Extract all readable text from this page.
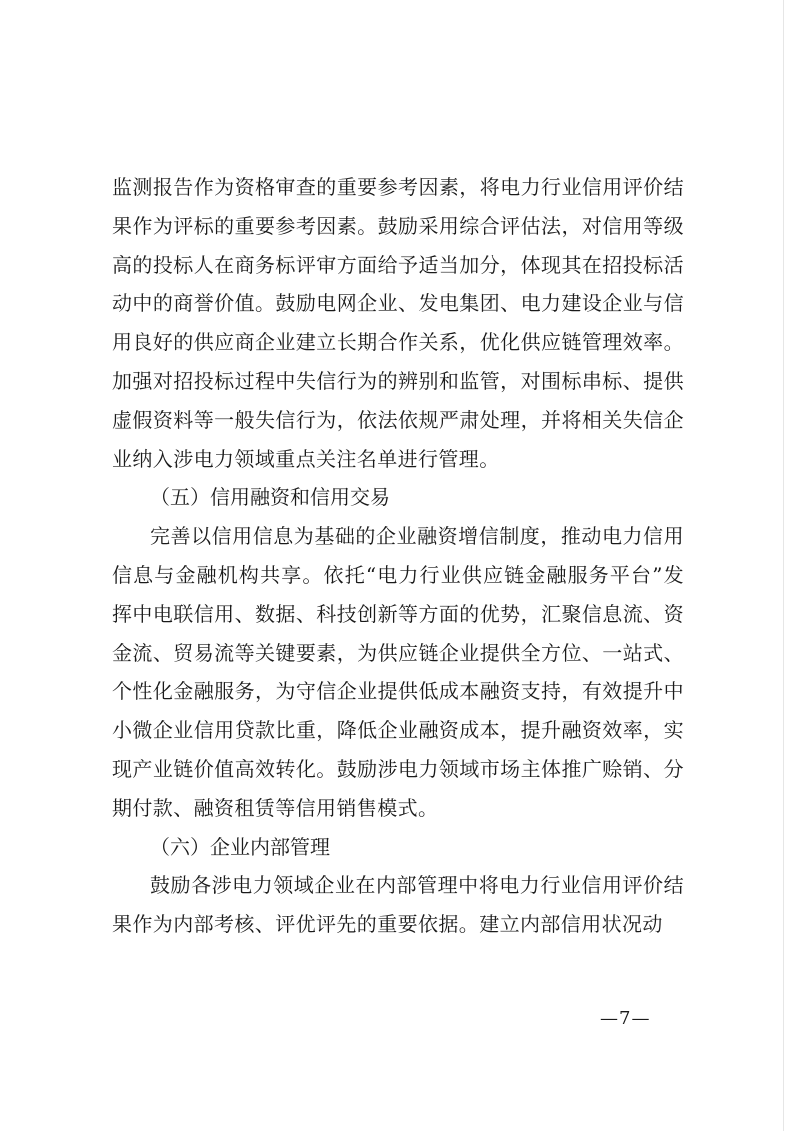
监测报告作为资格审查的重要参考因素，将电力行业信用评价结果作为评标的重要参考因素。鼓励采用综合评估法，对信用等级高的投标人在商务标评审方面给予适当加分，体现其在招投标活动中的商誉价值。鼓励电网企业、发电集团、电力建设企业与信用良好的供应商企业建立长期合作关系，优化供应链管理效率。加强对招投标过程中失信行为的辨别和监管，对围标串标、提供虚假资料等一般失信行为，依法依规严肃处理，并将相关失信企业纳入涉电力领域重点关注名单进行管理。

（五）信用融资和信用交易

完善以信用信息为基础的企业融资增信制度，推动电力信用信息与金融机构共享。依托“电力行业供应链金融服务平台”发挥中电联信用、数据、科技创新等方面的优势，汇聚信息流、资金流、贸易流等关键要素，为供应链企业提供全方位、一站式、个性化金融服务，为守信企业提供低成本融资支持，有效提升中小微企业信用贷款比重，降低企业融资成本，提升融资效率，实现产业链价值高效转化。鼓励涉电力领域市场主体推广赊销、分期付款、融资租赁等信用销售模式。

（六）企业内部管理

鼓励各涉电力领域企业在内部管理中将电力行业信用评价结果作为内部考核、评优评先的重要依据。建立内部信用状况动

—7—
